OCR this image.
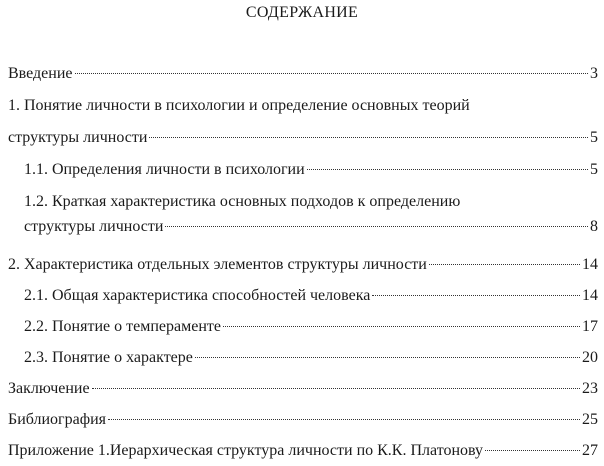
СОДЕРЖАНИЕ
Введение	3
1. Понятие личности в психологии и определение основных теорий
структуры личности	5
1.1. Определения личности в психологии	5
1.2. Краткая характеристика основных подходов к определению
структуры личности	8
2. Характеристика отдельных элементов структуры личности	14
2.1. Общая характеристика способностей человека	14
2.2. Понятие о темпераменте	17
2.3. Понятие о характере	20
Заключение	23
Библиография	25
Приложение 1.Иерархическая структура личности по К.К. Платонову	27
